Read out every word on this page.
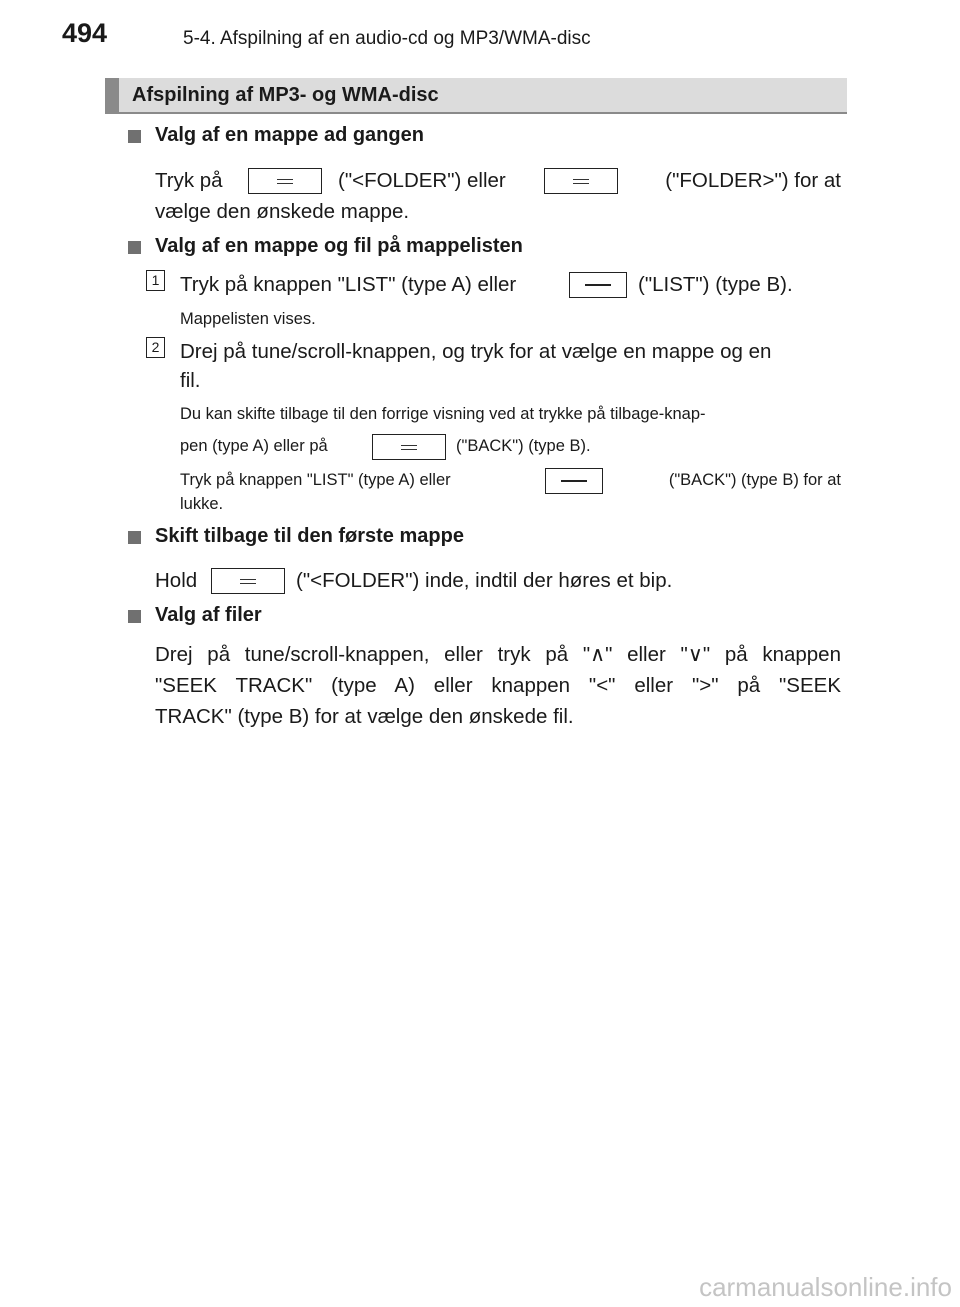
494	5-4. Afspilning af en audio-cd og MP3/WMA-disc
Afspilning af MP3- og WMA-disc
Valg af en mappe ad gangen
Tryk på	("<FOLDER") eller	("FOLDER>") for at
vælge den ønskede mappe.
Valg af en mappe og fil på mappelisten
1 Tryk på knappen "LIST" (type A) eller	("LIST") (type B).
Mappelisten vises.
2 Drej på tune/scroll-knappen, og tryk for at vælge en mappe og en
fil.
Du kan skifte tilbage til den forrige visning ved at trykke på tilbage-knap-
pen (type A) eller på	("BACK") (type B).
Tryk på knappen "LIST" (type A) eller	("BACK") (type B) for at
lukke.
Skift tilbage til den første mappe
Hold	("<FOLDER") inde, indtil der høres et bip.
Valg af filer
Drej på tune/scroll-knappen, eller tryk på "∧" eller "∨" på knappen
"SEEK TRACK" (type A) eller knappen "<" eller ">" på "SEEK
TRACK" (type B) for at vælge den ønskede fil.
carmanualsonline.info
